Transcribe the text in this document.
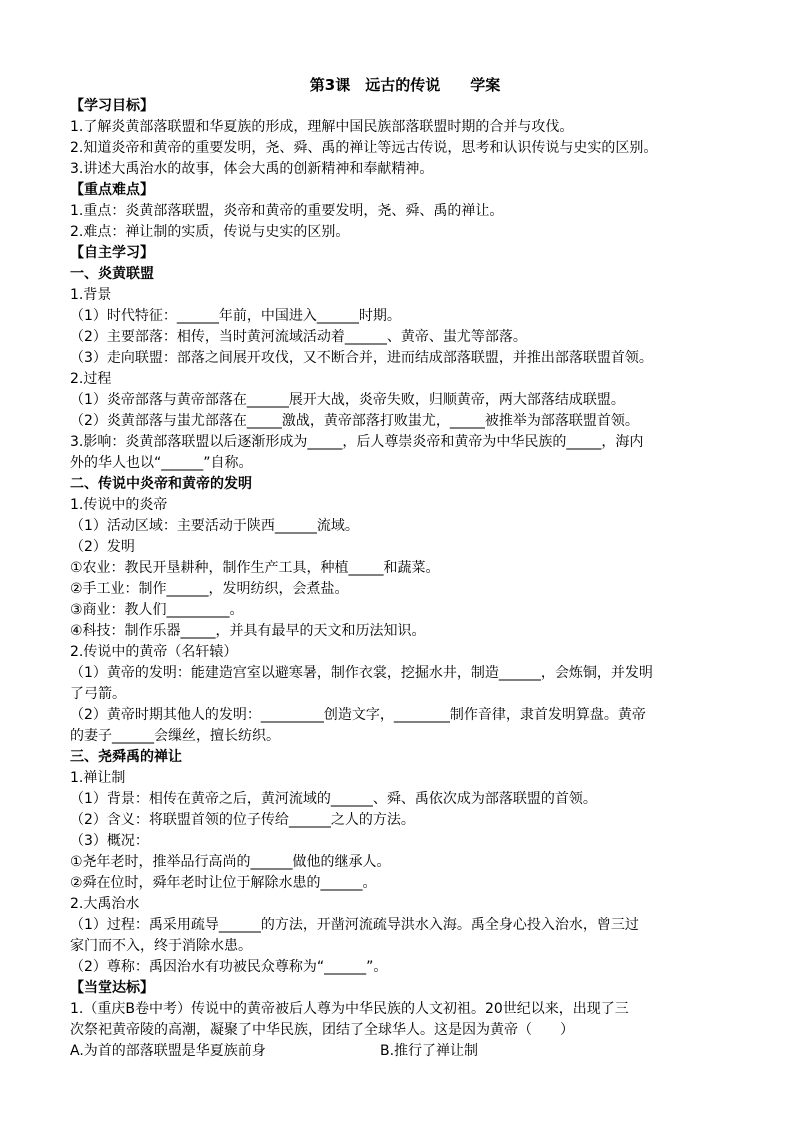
第3课　远古的传说　　学案

【学习目标】

1.了解炎黄部落联盟和华夏族的形成，理解中国民族部落联盟时期的合并与攻伐。

2.知道炎帝和黄帝的重要发明，尧、舜、禹的禅让等远古传说，思考和认识传说与史实的区别。

3.讲述大禹治水的故事，体会大禹的创新精神和奉献精神。

【重点难点】

1.重点：炎黄部落联盟，炎帝和黄帝的重要发明，尧、舜、禹的禅让。

2.难点：禅让制的实质，传说与史实的区别。

【自主学习】

一、炎黄联盟

1.背景

（1）时代特征：______年前，中国进入______时期。

（2）主要部落：相传，当时黄河流域活动着______、黄帝、蚩尤等部落。

（3）走向联盟：部落之间展开攻伐，又不断合并，进而结成部落联盟，并推出部落联盟首领。

2.过程

（1）炎帝部落与黄帝部落在______展开大战，炎帝失败，归顺黄帝，两大部落结成联盟。

（2）炎黄部落与蚩尤部落在_____激战，黄帝部落打败蚩尤，_____被推举为部落联盟首领。

3.影响：炎黄部落联盟以后逐渐形成为_____，后人尊崇炎帝和黄帝为中华民族的_____，海内

外的华人也以“______”自称。

二、传说中炎帝和黄帝的发明

1.传说中的炎帝

（1）活动区域：主要活动于陕西______流域。

（2）发明

①农业：教民开垦耕种，制作生产工具，种植_____和蔬菜。

②手工业：制作______，发明纺织，会煮盐。

③商业：教人们_________。

④科技：制作乐器_____，并具有最早的天文和历法知识。

2.传说中的黄帝（名轩辕）

（1）黄帝的发明：能建造宫室以避寒暑，制作衣裳，挖掘水井，制造______，会炼铜，并发明

了弓箭。

（2）黄帝时期其他人的发明：_________创造文字，________制作音律，隶首发明算盘。黄帝

的妻子______会缫丝，擅长纺织。

三、尧舜禹的禅让

1.禅让制

（1）背景：相传在黄帝之后，黄河流域的______、舜、禹依次成为部落联盟的首领。

（2）含义：将联盟首领的位子传给______之人的方法。

（3）概况：

①尧年老时，推举品行高尚的______做他的继承人。

②舜在位时，舜年老时让位于解除水患的______。

2.大禹治水

（1）过程：禹采用疏导______的方法，开凿河流疏导洪水入海。禹全身心投入治水，曾三过

家门而不入，终于消除水患。

（2）尊称：禹因治水有功被民众尊称为“______”。

【当堂达标】

1.（重庆B卷中考）传说中的黄帝被后人尊为中华民族的人文初祖。20世纪以来，出现了三

次祭祀黄帝陵的高潮，凝聚了中华民族，团结了全球华人。这是因为黄帝（　　）

A.为首的部落联盟是华夏族前身	B.推行了禅让制
